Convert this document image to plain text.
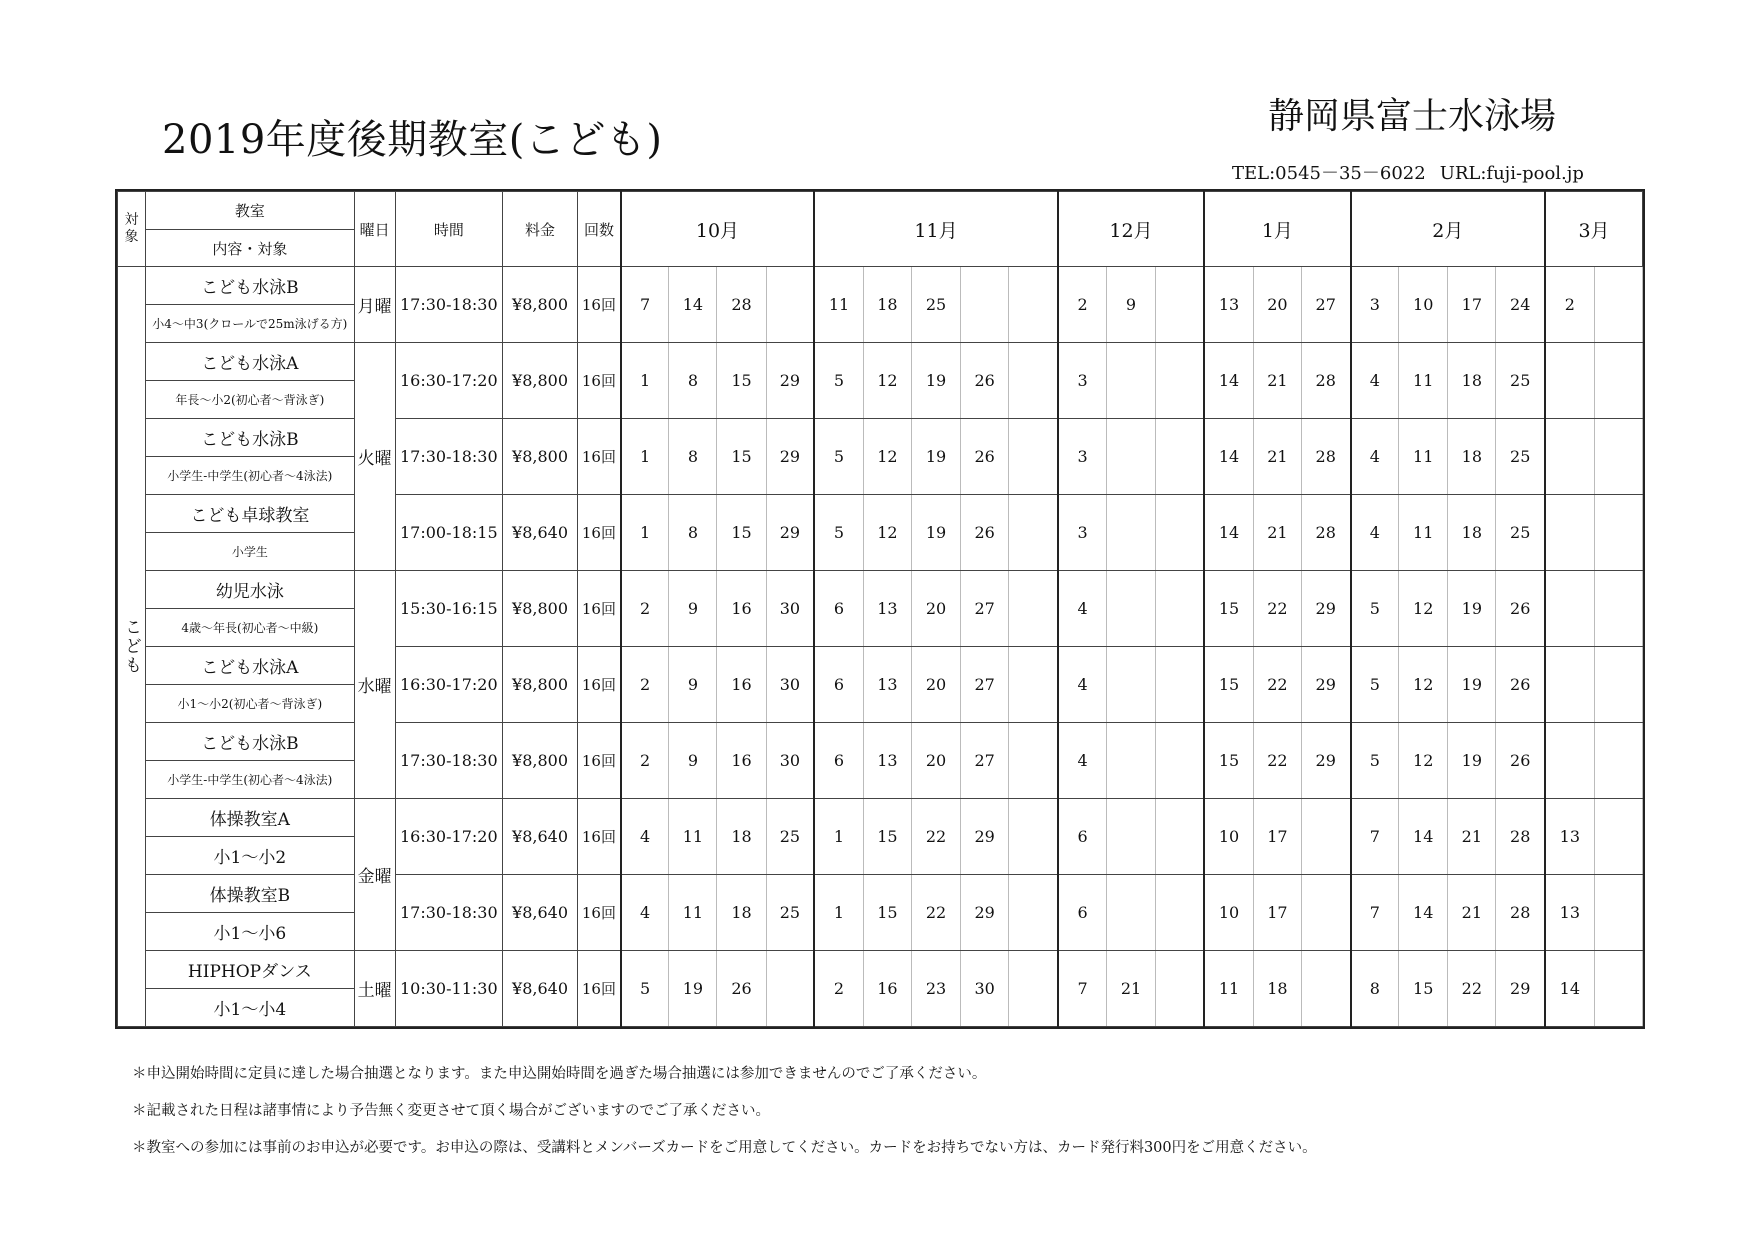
2019年度後期教室(こども)
静岡県富士水泳場
TEL:0545－35－6022 URL:fuji-pool.jp
対象	教室	曜日	時間	料金	回数	10月				11月					12月			1月			2月				3月	
	内容・対象																									
こども	こども水泳B	月曜	17:30-18:30	¥8,800	16回	7	14	28		11	18	25			2	9		13	20	27	3	10	17	24	2	
	小4～中3(クロールで25m泳げる方)																									
	こども水泳A	火曜	16:30-17:20	¥8,800	16回	1	8	15	29	5	12	19	26		3			14	21	28	4	11	18	25		
	年長～小2(初心者～背泳ぎ)																									
	こども水泳B		17:30-18:30	¥8,800	16回	1	8	15	29	5	12	19	26		3			14	21	28	4	11	18	25		
	小学生-中学生(初心者～4泳法)																									
	こども卓球教室		17:00-18:15	¥8,640	16回	1	8	15	29	5	12	19	26		3			14	21	28	4	11	18	25		
	小学生																									
	幼児水泳	水曜	15:30-16:15	¥8,800	16回	2	9	16	30	6	13	20	27		4			15	22	29	5	12	19	26		
	4歳～年長(初心者～中級)																									
	こども水泳A		16:30-17:20	¥8,800	16回	2	9	16	30	6	13	20	27		4			15	22	29	5	12	19	26		
	小1～小2(初心者～背泳ぎ)																									
	こども水泳B		17:30-18:30	¥8,800	16回	2	9	16	30	6	13	20	27		4			15	22	29	5	12	19	26		
	小学生-中学生(初心者～4泳法)																									
	体操教室A	金曜	16:30-17:20	¥8,640	16回	4	11	18	25	1	15	22	29		6			10	17		7	14	21	28	13	
	小1～小2																									
	体操教室B		17:30-18:30	¥8,640	16回	4	11	18	25	1	15	22	29		6			10	17		7	14	21	28	13	
	小1～小6																									
	HIPHOPダンス	土曜	10:30-11:30	¥8,640	16回	5	19	26		2	16	23	30		7	21		11	18		8	15	22	29	14	
	小1～小4																									
＊申込開始時間に定員に達した場合抽選となります。また申込開始時間を過ぎた場合抽選には参加できませんのでご了承ください。
＊記載された日程は諸事情により予告無く変更させて頂く場合がございますのでご了承ください。
＊教室への参加には事前のお申込が必要です。お申込の際は、受講料とメンバーズカードをご用意してください。カードをお持ちでない方は、カード発行料300円をご用意ください。
